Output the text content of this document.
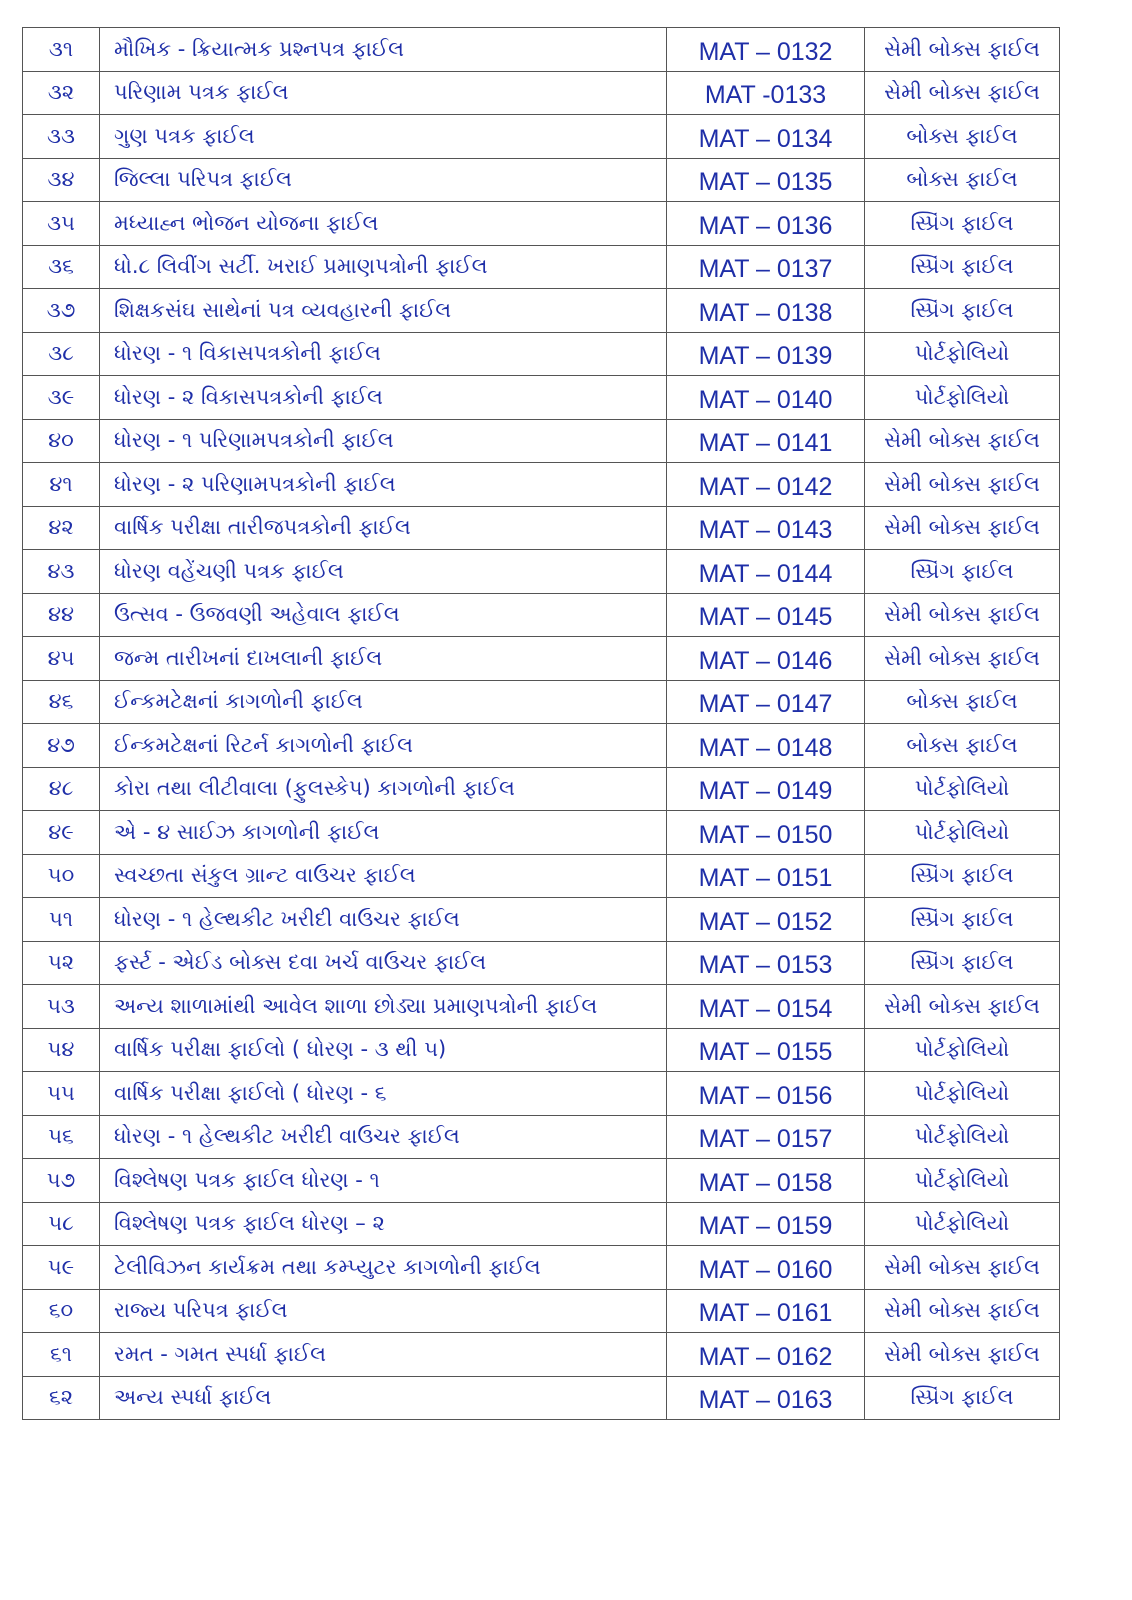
૩૧	મૌખિક - ક્રિયાત્મક પ્રશ્નપત્ર ફાઈલ	MAT – 0132	સેમી બોક્સ ફાઈલ
૩૨	પરિણામ પત્રક ફાઈલ	MAT -0133	સેમી બોક્સ ફાઈલ
૩૩	ગુણ પત્રક ફાઈલ	MAT – 0134	બોક્સ ફાઈલ
૩૪	જિલ્લા પરિપત્ર ફાઈલ	MAT – 0135	બોક્સ ફાઈલ
૩૫	મધ્યાહ્ન ભોજન યોજના ફાઈલ	MAT – 0136	સ્પ્રિંગ ફાઈલ
૩૬	ધો.૮ લિવીંગ સર્ટી. ખરાઈ પ્રમાણપત્રોની ફાઈલ	MAT – 0137	સ્પ્રિંગ ફાઈલ
૩૭	શિક્ષકસંઘ સાથેનાં પત્ર વ્યવહારની ફાઈલ	MAT – 0138	સ્પ્રિંગ ફાઈલ
૩૮	ધોરણ - ૧ વિકાસપત્રકોની ફાઈલ	MAT – 0139	પોર્ટફોલિયો
૩૯	ધોરણ - ૨ વિકાસપત્રકોની ફાઈલ	MAT – 0140	પોર્ટફોલિયો
૪૦	ધોરણ - ૧ પરિણામપત્રકોની ફાઈલ	MAT – 0141	સેમી બોક્સ ફાઈલ
૪૧	ધોરણ - ૨ પરિણામપત્રકોની ફાઈલ	MAT – 0142	સેમી બોક્સ ફાઈલ
૪૨	વાર્ષિક પરીક્ષા તારીજપત્રકોની ફાઈલ	MAT – 0143	સેમી બોક્સ ફાઈલ
૪૩	ધોરણ વહેંચણી પત્રક ફાઈલ	MAT – 0144	સ્પ્રિંગ ફાઈલ
૪૪	ઉત્સવ - ઉજવણી અહેવાલ ફાઈલ	MAT – 0145	સેમી બોક્સ ફાઈલ
૪૫	જન્મ તારીખનાં દાખલાની ફાઈલ	MAT – 0146	સેમી બોક્સ ફાઈલ
૪૬	ઈન્કમટેક્ષનાં કાગળોની ફાઈલ	MAT – 0147	બોક્સ ફાઈલ
૪૭	ઈન્કમટેક્ષનાં રિટર્ન કાગળોની ફાઈલ	MAT – 0148	બોક્સ ફાઈલ
૪૮	કોરા તથા લીટીવાલા (ફુલસ્કેપ) કાગળોની ફાઈલ	MAT – 0149	પોર્ટફોલિયો
૪૯	એ - ૪ સાઈઝ કાગળોની ફાઈલ	MAT – 0150	પોર્ટફોલિયો
૫૦	સ્વચ્છતા સંકુલ ગ્રાન્ટ વાઉચર ફાઈલ	MAT – 0151	સ્પ્રિંગ ફાઈલ
૫૧	ધોરણ - ૧ હેલ્થકીટ ખરીદી વાઉચર ફાઈલ	MAT – 0152	સ્પ્રિંગ ફાઈલ
૫૨	ફર્સ્ટ - એઈડ બોક્સ દવા ખર્ચ વાઉચર ફાઈલ	MAT – 0153	સ્પ્રિંગ ફાઈલ
૫૩	અન્ય શાળામાંથી આવેલ શાળા છોડ્યા પ્રમાણપત્રોની ફાઈલ	MAT – 0154	સેમી બોક્સ ફાઈલ
૫૪	વાર્ષિક પરીક્ષા ફાઈલો ( ધોરણ - ૩ થી ૫)	MAT – 0155	પોર્ટફોલિયો
૫૫	વાર્ષિક પરીક્ષા ફાઈલો ( ધોરણ - ૬	MAT – 0156	પોર્ટફોલિયો
૫૬	ધોરણ - ૧ હેલ્થકીટ ખરીદી વાઉચર ફાઈલ	MAT – 0157	પોર્ટફોલિયો
૫૭	વિશ્લેષણ પત્રક ફાઈલ ધોરણ - ૧	MAT – 0158	પોર્ટફોલિયો
૫૮	વિશ્લેષણ પત્રક ફાઈલ ધોરણ – ૨	MAT – 0159	પોર્ટફોલિયો
૫૯	ટેલીવિઝન કાર્યક્રમ તથા કમ્પ્યુટર કાગળોની ફાઈલ	MAT – 0160	સેમી બોક્સ ફાઈલ
૬૦	રાજ્ય પરિપત્ર ફાઈલ	MAT – 0161	સેમી બોક્સ ફાઈલ
૬૧	રમત - ગમત સ્પર્ધા ફાઈલ	MAT – 0162	સેમી બોક્સ ફાઈલ
૬૨	અન્ય સ્પર્ધા ફાઈલ	MAT – 0163	સ્પ્રિંગ ફાઈલ
